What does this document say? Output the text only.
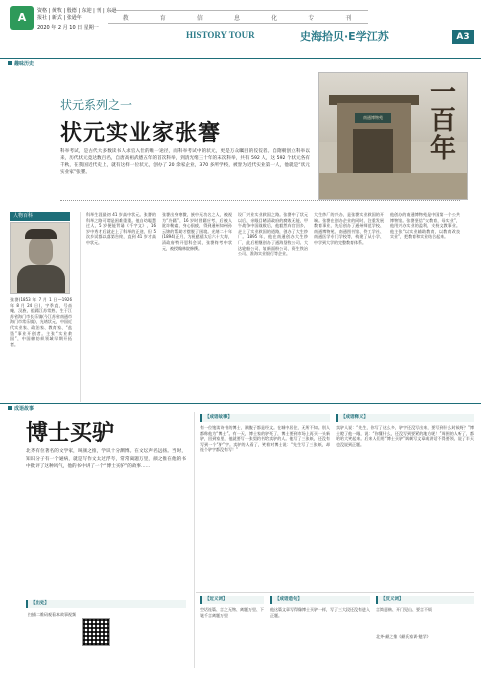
A	资格 | 黄牧 | 殷德 | 东迎 | 刊 | 东逊
报社 | 新式 | 张逊年
2020 年 2 月 10 日 星期一
教	育	信	息	化	专	刊
HISTORY TOUR	史海拾贝·E学江苏	A3
趣味历史
状元系列之一
状元实业家张謇
科举考试，是古代大多数读书人求官入仕的唯一途径，而科举考试中的状元，更是万众瞩目的佼佼者。自隋朝创立科举以来，历代状元竟达数百名，自唐高祖武德五年的首次科举，到清光绪三十年的末次科举，共有 592 人，这 592 个状元各有千秋，在我国近代史上，就有这样一位状元，创办了 20 余家企业，370 多所学校，被誉为近代实业第一人，他就是“状元实业家”张謇。
南通博物苑
一百年
人物百科
张謇(1853 年 7 月 1 日—1926 年 8 月 24 日)，字季直，号啬庵，汉族，祖籍江苏常熟，生于江苏省海门市长乐镇(今江苏省南通市海门市常乐镇)，光绪状元，中国近代实业家、政治家、教育家、“盐垦”事业开创者。主张“实业救国”，中国棉纺织领域早期开拓者。
科举生涯最初 41 岁高中状元。张謇的科举之路可谓是困难重重。他自幼聪慧过人，5 岁便能背诵《千字文》，16 岁中秀才后就走上了科举的正途，但 5 次乡试都以落第告终，直到 41 岁才高中状元。
张謇出身寒微，族中无功名之人，被视为“冷籍”，16 岁时冒籍应考，后被人讹诈勒索，身心俱疲，得到通州知州孙云锦的帮助才摆脱了困境。光绪二十年(1894)正月，为祝慈禧太后六十大寿，清政府特开恩科会试，张謇终考中状元，被授翰林院修撰。
设厂兴业实业救国之路。张謇中了状元以后，亲眼目睹清政府的腐败无能，甲午战争中国战败后，他毅然弃官回乡，走上了实业救国的道路，创办了大生纱厂。1895 年，他在南通创办大生纱厂，此后相继创办了通海垦牧公司、大达轮船公司、复新面粉公司、资生铁冶公司、淮海实业银行等企业。
大生纱厂的兴办，是张謇实业救国的开端。张謇在创办企业的同时，注重发展教育事业，先后创办了通州师范学校、南通博物苑、南通图书馆、伶工学社、南通医学专门学校等，构建了从小学、中学到大学的完整教育体系。
他创办的南通博物苑是中国第一个公共博物馆。张謇坚信“父教育，母实业”，他用兴办实业的盈利，支持文教事业。他主张“以实业辅助教育，以教育改良实业”，把教育和实业结合起来。
成语故事
博士买驴
北齐有位著名的文学家，叫颜之推，学识十分渊博。在文坛声名远扬。当时，知识分子有一个通病，就是写作文太过浮夸，常常离题万里，颜之推在他的书中批评了这种风气，他的书中讲了一个“博士买驴”的故事……
【出处】
扫描二维码观看本故事视频
【成语故事】
有一位饱读诗书的博士，满腹子都是经文。在城中居住，无所不知。别人都称他为“博士”。有一天，博士家的驴死了，博士要到市场上再买一头新驴，回到家里，他就要写一张契约书给卖驴的人。他写了三张纸，还没有写到一个“驴”字。卖驴的人看了，笑着对博士说：“先生写了三张纸，却连个驴字都没有写！”
【成语释义】
卖驴人说：“先生，你写了这么多，驴字还没写出来，要写到什么时候呀？”博士瞪了他一眼，说：“你懂什么，还没写到要紧的地方呢！”周围的人听了，都哈哈大笑起来。后来人们用“博士买驴”讽刺写文章或讲话不得要领、说了半天也没说到正题。
【近义词】
空话连篇、言之无物、离题万里、下笔千言离题万里
【成语造句】
他这篇文章写得像博士买驴一样，写了三大段还没有进入正题。
【反义词】
言简意赅、开门见山、要言不烦
北齐·颜之推《颜氏家训·勉学》
